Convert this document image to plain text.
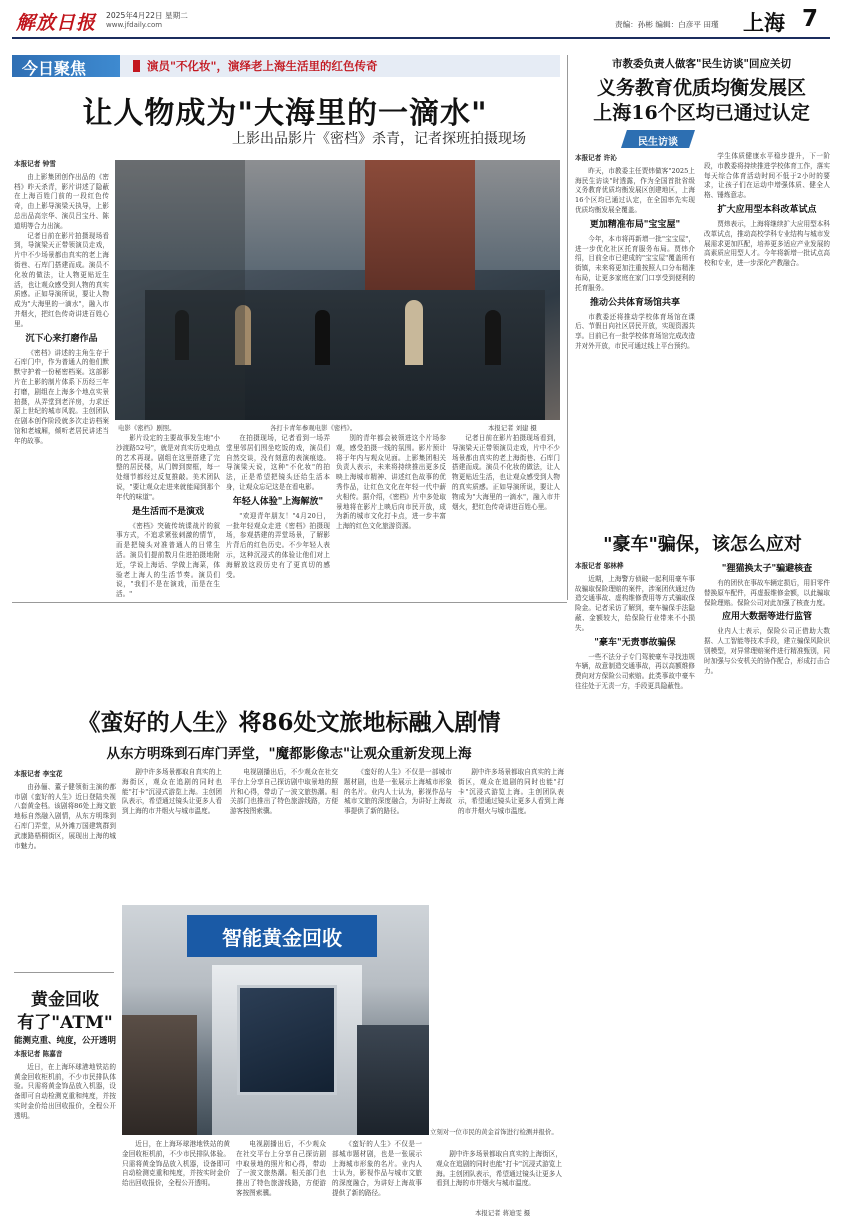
解放日报 2025年4月22日 星期二
www.jfdaily.com	责编：孙彬 编辑：白彦平 田瑾 上海 7
今日聚焦	演员"不化妆"，演绎老上海生活里的红色传奇
让人物成为"大海里的一滴水"
上影出品影片《密档》杀青，记者探班拍摄现场
本报记者 钟雪

由上影集团创作出品的《密档》昨天杀青，影片讲述了隐蔽在上海百姓门前的一段红色传奇，由上影导演梁天执导，上影总出品高宗华、演员吕宝丹、陈道明等合力出演。

记者日前在影片拍摄现场看到，导演梁天正带领演员走戏，片中不少场景都由真实的老上海街巷、石库门搭建而成。演员不化妆的做法，让人物更贴近生活，也让观众感受到人物的真实质感。正如导演所说，要让人物成为"大海里的一滴水"，融入市井烟火，把红色传奇讲进百姓心里。

沉下心来打磨作品

《密档》讲述的主角生存于石库门中，作为普通人的他们默默守护着一份秘密档案。这部影片在上影的制片体系下历经三年打磨，剧组在上海多个地点实景拍摄，从弄堂到老洋房，力求还原上世纪的城市风貌。主创团队在剧本创作阶段就多次走访档案馆和老城厢，倾听老居民讲述当年的故事。

电影《密档》剧照。	各打卡青年参观电影《密档》。	本报记者 刘建 摄

影片设定的主要故事发生地"小沙渡路52号"，就是对真实历史地点的艺术再现。剧组在这里搭建了完整的居民楼，从门牌到窗框，每一处细节都经过反复推敲。美术团队说，"要让观众走进来就能闻到那个年代的味道"。

是生活而不是演戏

《密档》突破传统谍战片的叙事方式，不追求紧张刺激的情节，而是把镜头对准普通人的日常生活。演员们提前数月住进拍摄地附近，学说上海话、学做上海菜，体验老上海人的生活节奏。演员们说，"我们不是在演戏，而是在生活。"

在拍摄现场，记者看到一场弄堂里邻居们围坐吃饭的戏，演员们自然交谈，没有刻意的表演痕迹。导演梁天说，这种"不化妆"的拍法，正是希望把镜头还给生活本身，让观众忘记这是在看电影。

年轻人体验"上海解放"

"欢迎青年朋友！"4月20日，一批年轻观众走进《密档》拍摄现场，参观搭建的弄堂场景，了解影片背后的红色历史。不少年轻人表示，这种沉浸式的体验让他们对上海解放这段历史有了更真切的感受。

别的青年都会被领进这个片场参观，感受拍摄一线的氛围。影片预计将于年内与观众见面。上影集团相关负责人表示，未来将持续推出更多反映上海城市精神、讲述红色故事的优秀作品，让红色文化在年轻一代中薪火相传。据介绍，《密档》片中多处取景地将在影片上映后向市民开放，成为新的城市文化打卡点，进一步丰富上海的红色文化旅游资源。

记者日前在影片拍摄现场看到，导演梁天正带领演员走戏，片中不少场景都由真实的老上海街巷、石库门搭建而成。演员不化妆的做法，让人物更贴近生活，也让观众感受到人物的真实质感。正如导演所说，要让人物成为"大海里的一滴水"，融入市井烟火，把红色传奇讲进百姓心里。

市教委负责人做客"民生访谈"回应关切
义务教育优质均衡发展区
上海16个区均已通过认定
民生访谈
本报记者 许沁

昨天，市教委主任贾炜做客"2025上海民生访谈"时透露，作为全国首批省级义务教育优质均衡发展区创建地区，上海16个区均已通过认定，在全国率先实现优质均衡发展全覆盖。

更加精准布局"宝宝屋"

今年，本市将再新增一批"宝宝屋"，进一步优化社区托育服务布局。贾炜介绍，目前全市已建成的"宝宝屋"覆盖所有街镇，未来将更加注重按照人口分布精准布局，让更多家庭在家门口享受到便利的托育服务。

推动公共体育场馆共享

市教委还将推动学校体育场馆在课后、节假日向社区居民开放，实现资源共享。目前已有一批学校体育场馆完成改造并对外开放，市民可通过线上平台预约。

学生体质健康水平稳步提升，下一阶段，市教委将持续推进学校体育工作，落实每天综合体育活动时间不低于2小时的要求，让孩子们在运动中增强体质、健全人格、锤炼意志。

扩大应用型本科改革试点

贾炜表示，上海将继续扩大应用型本科改革试点，推动高校学科专业结构与城市发展需求更加匹配，培养更多适应产业发展的高素质应用型人才。今年将新增一批试点高校和专业，进一步深化产教融合。

"豪车"骗保，该怎么应对
本报记者 邬林桦

近期，上海警方侦破一起利用豪车事故骗取保险理赔的案件，涉案团伙通过伪造交通事故、虚构维修费用等方式骗取保险金。记者采访了解到，豪车骗保手法隐蔽、金额较大，给保险行业带来不小损失。

"豪车"无责事故骗保

一些不法分子专门驾驶豪车寻找违规车辆，故意制造交通事故，再以高额维修费向对方保险公司索赔。此类事故中豪车往往处于无责一方，手段更具隐蔽性。

"狸猫换太子"骗避核查

有的团伙在事故车辆定损后，用旧零件替换原车配件，再虚报维修金额，以此骗取保险理赔。保险公司对此加强了核查力度。

应用大数据等进行监管

业内人士表示，保险公司正借助大数据、人工智能等技术手段，建立骗保风险识别模型，对异常理赔案件进行精准甄别，同时加强与公安机关的协作配合，形成打击合力。

《蛮好的人生》将86处文旅地标融入剧情
从东方明珠到石库门弄堂，"魔都影像志"让观众重新发现上海
本报记者 李宝花

由孙俪、董子健领衔主演的都市剧《蛮好的人生》近日登陆央视八套黄金档。该剧将86处上海文旅地标自然融入剧情，从东方明珠到石库门弄堂，从外滩万国建筑群到武康路梧桐街区，展现出上海的城市魅力。

剧中许多场景都取自真实的上海街区，观众在追剧的同时也能"打卡"沉浸式游览上海。主创团队表示，希望通过镜头让更多人看到上海的市井烟火与城市温度。

电视剧播出后，不少观众在社交平台上分享自己探访剧中取景地的照片和心得，带动了一波文旅热潮。相关部门也推出了特色旅游线路，方便游客按图索骥。

《蛮好的人生》不仅是一部城市题材剧，也是一张展示上海城市形象的名片。业内人士认为，影视作品与城市文旅的深度融合，为讲好上海故事提供了新的路径。

剧中许多场景都取自真实的上海街区，观众在追剧的同时也能"打卡"沉浸式游览上海。主创团队表示，希望通过镜头让更多人看到上海的市井烟火与城市温度。

黄金回收
有了"ATM"
能测克重、纯度，公开透明
本报记者 陈嘉音

近日，在上海环球港地铁站的黄金回收柜机前，不少市民排队体验。只需将黄金饰品放入机器，设备即可自动检测克重和纯度，并按实时金价给出回收报价，全程公开透明。

智能黄金回收
立刻对一位市民的黄金首饰进行检测并报价。
本报记者 蒋迪雯 摄

近日，在上海环球港地铁站的黄金回收柜机前，不少市民排队体验。只需将黄金饰品放入机器，设备即可自动检测克重和纯度，并按实时金价给出回收报价，全程公开透明。

电视剧播出后，不少观众在社交平台上分享自己探访剧中取景地的照片和心得，带动了一波文旅热潮。相关部门也推出了特色旅游线路，方便游客按图索骥。

《蛮好的人生》不仅是一部城市题材剧，也是一张展示上海城市形象的名片。业内人士认为，影视作品与城市文旅的深度融合，为讲好上海故事提供了新的路径。

剧中许多场景都取自真实的上海街区，观众在追剧的同时也能"打卡"沉浸式游览上海。主创团队表示，希望通过镜头让更多人看到上海的市井烟火与城市温度。
